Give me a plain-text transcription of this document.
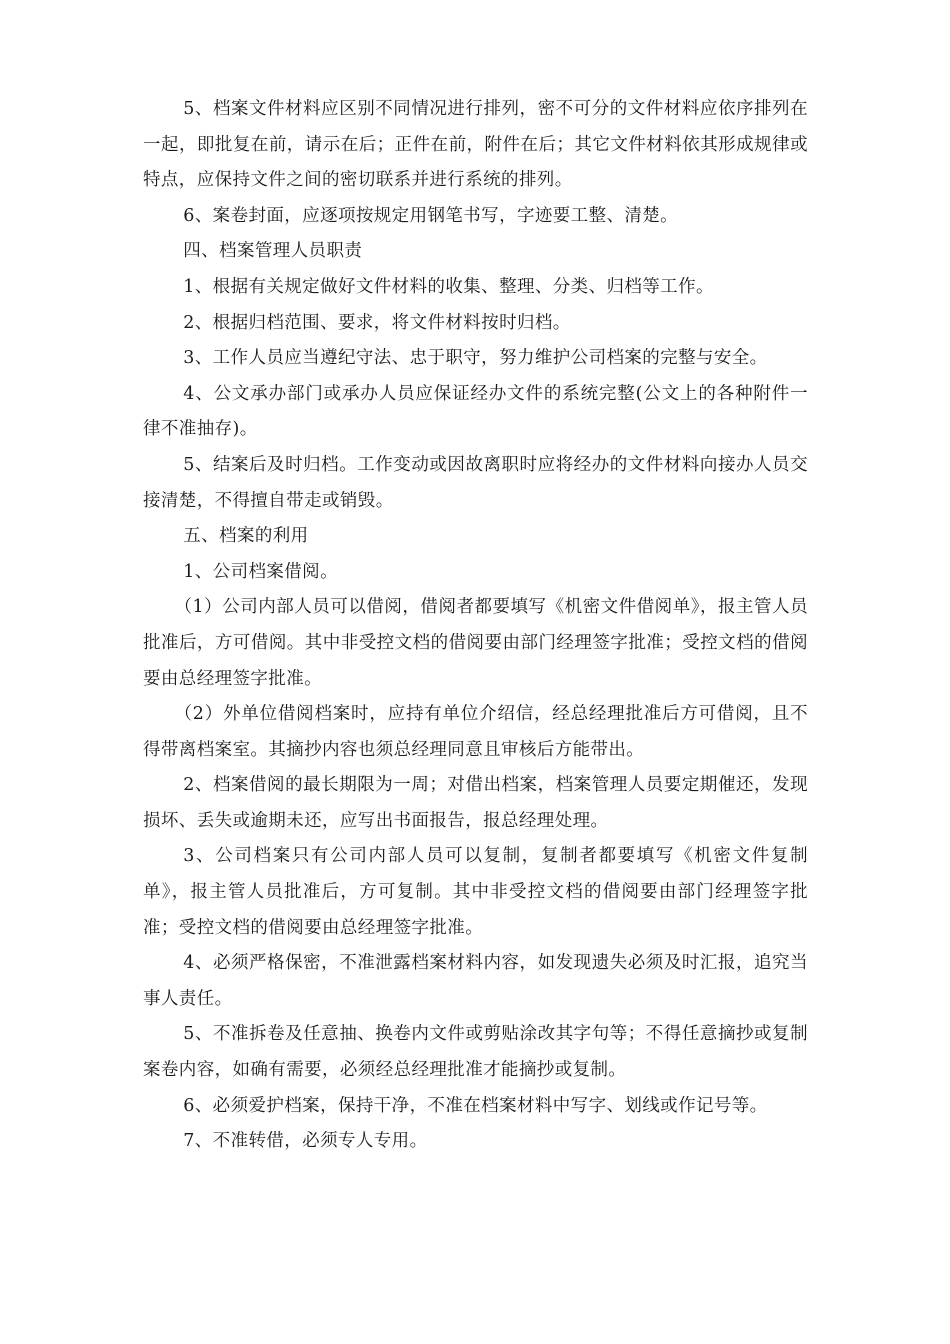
5、档案文件材料应区别不同情况进行排列，密不可分的文件材料应依序排列在一起，即批复在前，请示在后；正件在前，附件在后；其它文件材料依其形成规律或特点，应保持文件之间的密切联系并进行系统的排列。

6、案卷封面，应逐项按规定用钢笔书写，字迹要工整、清楚。

四、档案管理人员职责

1、根据有关规定做好文件材料的收集、整理、分类、归档等工作。

2、根据归档范围、要求，将文件材料按时归档。

3、工作人员应当遵纪守法、忠于职守，努力维护公司档案的完整与安全。

4、公文承办部门或承办人员应保证经办文件的系统完整(公文上的各种附件一律不准抽存)。

5、结案后及时归档。工作变动或因故离职时应将经办的文件材料向接办人员交接清楚，不得擅自带走或销毁。

五、档案的利用

1、公司档案借阅。

（1）公司内部人员可以借阅，借阅者都要填写《机密文件借阅单》，报主管人员批准后，方可借阅。其中非受控文档的借阅要由部门经理签字批准；受控文档的借阅要由总经理签字批准。

（2）外单位借阅档案时，应持有单位介绍信，经总经理批准后方可借阅，且不得带离档案室。其摘抄内容也须总经理同意且审核后方能带出。

2、档案借阅的最长期限为一周；对借出档案，档案管理人员要定期催还，发现损坏、丢失或逾期未还，应写出书面报告，报总经理处理。

3、公司档案只有公司内部人员可以复制，复制者都要填写《机密文件复制单》，报主管人员批准后，方可复制。其中非受控文档的借阅要由部门经理签字批准；受控文档的借阅要由总经理签字批准。

4、必须严格保密，不准泄露档案材料内容，如发现遗失必须及时汇报，追究当事人责任。

5、不准拆卷及任意抽、换卷内文件或剪贴涂改其字句等；不得任意摘抄或复制案卷内容，如确有需要，必须经总经理批准才能摘抄或复制。

6、必须爱护档案，保持干净，不准在档案材料中写字、划线或作记号等。

7、不准转借，必须专人专用。
